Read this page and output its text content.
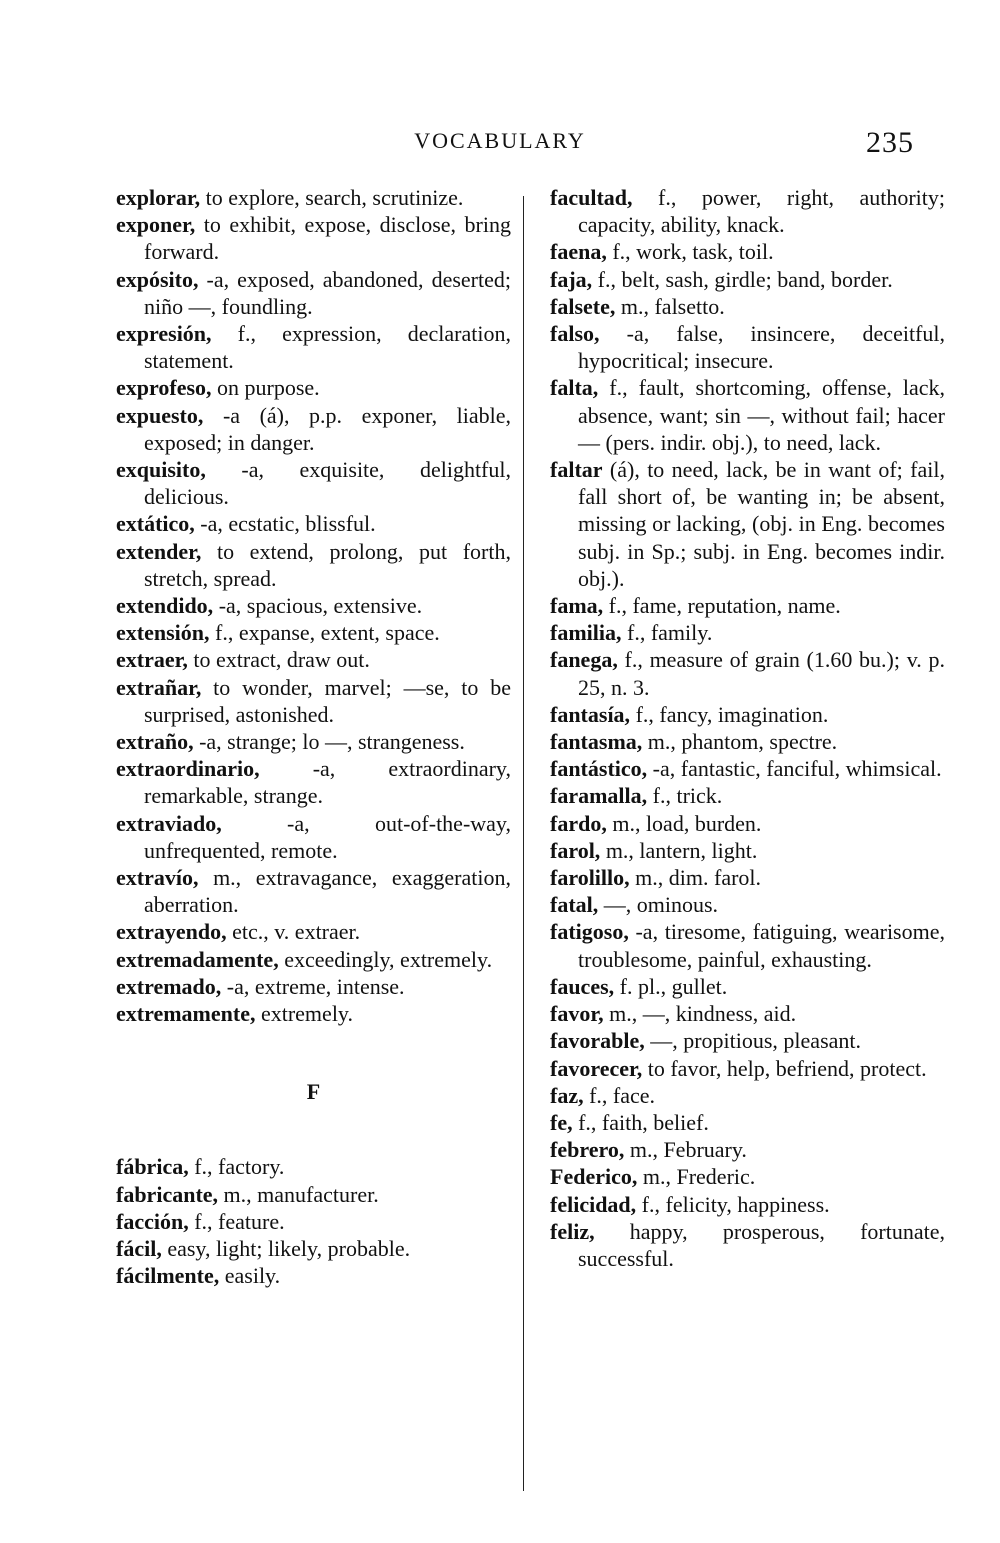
VOCABULARY	235
explorar, to explore, search, scrutinize.
exponer, to exhibit, expose, disclose, bring forward.
expósito, -a, exposed, abandoned, deserted; niño —, foundling.
expresión, f., expression, declaration, statement.
exprofeso, on purpose.
expuesto, -a (á), p.p. exponer, liable, exposed; in danger.
exquisito, -a, exquisite, delightful, delicious.
extático, -a, ecstatic, blissful.
extender, to extend, prolong, put forth, stretch, spread.
extendido, -a, spacious, extensive.
extensión, f., expanse, extent, space.
extraer, to extract, draw out.
extrañar, to wonder, marvel; —se, to be surprised, astonished.
extraño, -a, strange; lo —, strangeness.
extraordinario, -a, extraordinary, remarkable, strange.
extraviado, -a, out-of-the-way, unfrequented, remote.
extravío, m., extravagance, exaggeration, aberration.
extrayendo, etc., v. extraer.
extremadamente, exceedingly, extremely.
extremado, -a, extreme, intense.
extremamente, extremely.
F
fábrica, f., factory.
fabricante, m., manufacturer.
facción, f., feature.
fácil, easy, light; likely, probable.
fácilmente, easily.
facultad, f., power, right, authority; capacity, ability, knack.
faena, f., work, task, toil.
faja, f., belt, sash, girdle; band, border.
falsete, m., falsetto.
falso, -a, false, insincere, deceitful, hypocritical; insecure.
falta, f., fault, shortcoming, offense, lack, absence, want; sin —, without fail; hacer — (pers. indir. obj.), to need, lack.
faltar (á), to need, lack, be in want of; fail, fall short of, be wanting in; be absent, missing or lacking, (obj. in Eng. becomes subj. in Sp.; subj. in Eng. becomes indir. obj.).
fama, f., fame, reputation, name.
familia, f., family.
fanega, f., measure of grain (1.60 bu.); v. p. 25, n. 3.
fantasía, f., fancy, imagination.
fantasma, m., phantom, spectre.
fantástico, -a, fantastic, fanciful, whimsical.
faramalla, f., trick.
fardo, m., load, burden.
farol, m., lantern, light.
farolillo, m., dim. farol.
fatal, —, ominous.
fatigoso, -a, tiresome, fatiguing, wearisome, troublesome, painful, exhausting.
fauces, f. pl., gullet.
favor, m., —, kindness, aid.
favorable, —, propitious, pleasant.
favorecer, to favor, help, befriend, protect.
faz, f., face.
fe, f., faith, belief.
febrero, m., February.
Federico, m., Frederic.
felicidad, f., felicity, happiness.
feliz, happy, prosperous, fortunate, successful.
